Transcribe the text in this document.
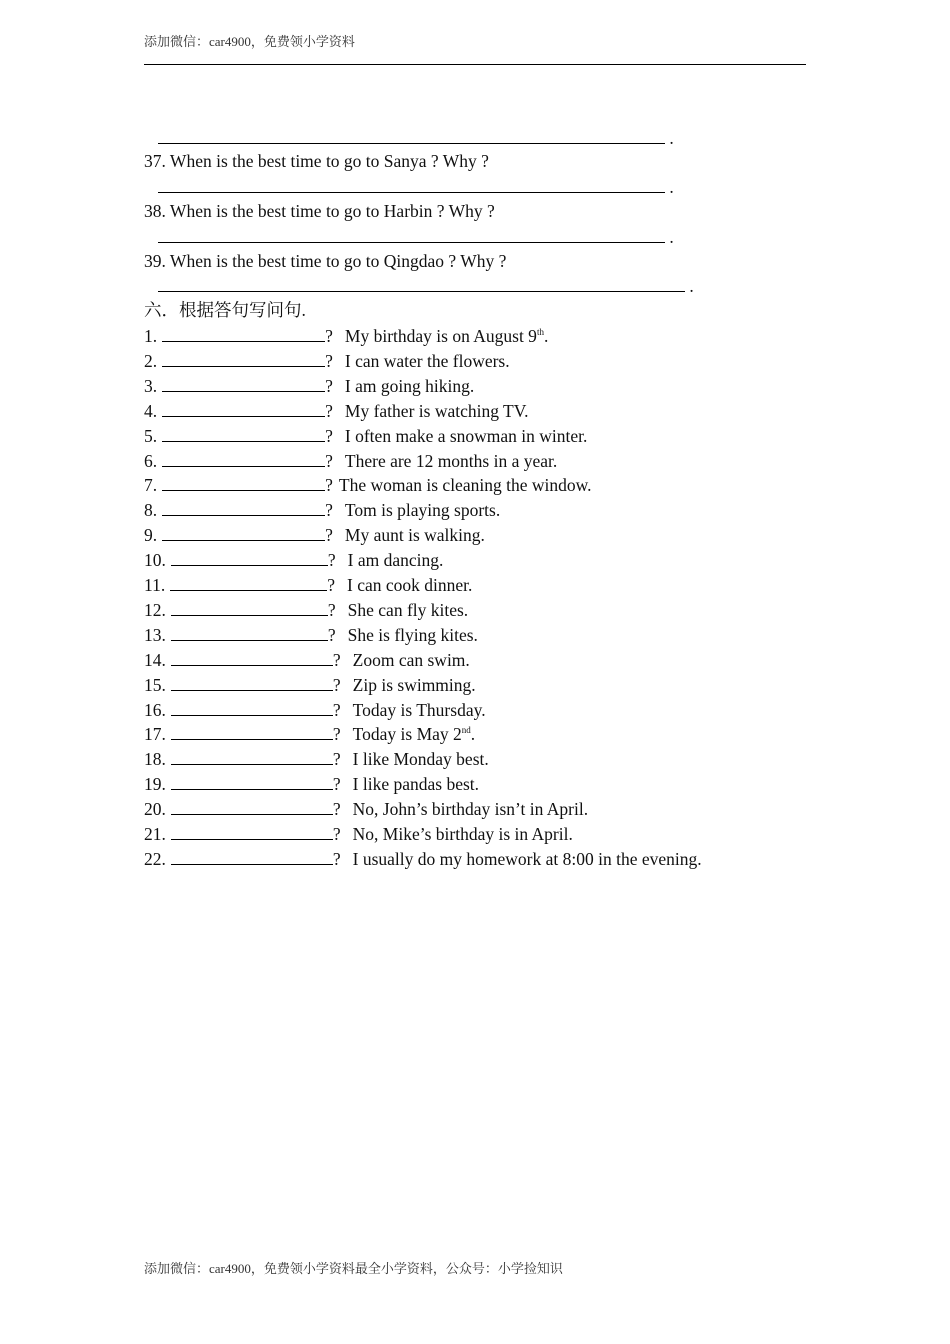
添加微信：car4900，免费领小学资料
.
37. When is the best time to go to Sanya ? Why ?
.
38. When is the best time to go to Harbin ? Why ?
.
39. When is the best time to go to Qingdao ? Why ?
.
六．根据答句写问句.
1.	? My birthday is on August 9th.
2.	? I can water the flowers.
3.	? I am going hiking.
4.	? My father is watching TV.
5.	? I often make a snowman in winter.
6.	? There are 12 months in a year.
7.	? The woman is cleaning the window.
8.	? Tom is playing sports.
9.	? My aunt is walking.
10.	? I am dancing.
11.	? I can cook dinner.
12.	? She can fly kites.
13.	? She is flying kites.
14.	? Zoom can swim.
15.	? Zip is swimming.
16.	? Today is Thursday.
17.	? Today is May 2nd.
18.	? I like Monday best.
19.	? I like pandas best.
20.	? No, John’s birthday isn’t in April.
21.	? No, Mike’s birthday is in April.
22.	? I usually do my homework at 8:00 in the evening.
添加微信：car4900，免费领小学资料最全小学资料，公众号：小学捡知识
